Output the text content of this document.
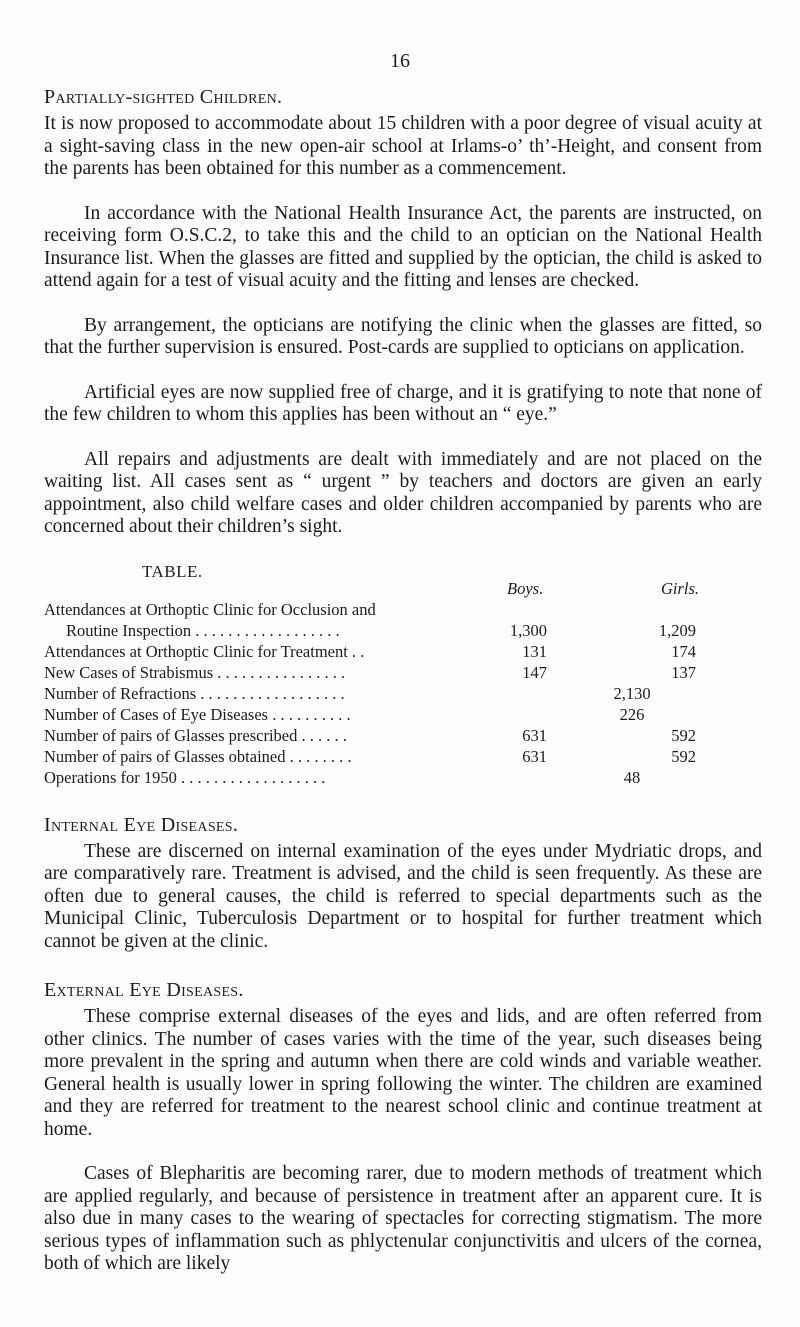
16
Partially-sighted Children.

It is now proposed to accommodate about 15 children with a poor degree of visual acuity at a sight-saving class in the new open-air school at Irlams-o’ th’-Height, and consent from the parents has been obtained for this number as a commencement.

In accordance with the National Health Insurance Act, the parents are instructed, on receiving form O.S.C.2, to take this and the child to an optician on the National Health Insurance list. When the glasses are fitted and supplied by the optician, the child is asked to attend again for a test of visual acuity and the fitting and lenses are checked.

By arrangement, the opticians are notifying the clinic when the glasses are fitted, so that the further supervision is ensured. Post-cards are supplied to opticians on application.

Artificial eyes are now supplied free of charge, and it is gratifying to note that none of the few children to whom this applies has been without an “ eye.”

All repairs and adjustments are dealt with immediately and are not placed on the waiting list. All cases sent as “ urgent ” by teachers and doctors are given an early appointment, also child welfare cases and older children accompanied by parents who are concerned about their children’s sight.

TABLE.
Boys.	Girls.
Attendances at Orthoptic Clinic for Occlusion and
Routine Inspection . . . . . . . . . . . . . . . . . .	1,300	1,209
Attendances at Orthoptic Clinic for Treatment . .	131	174
New Cases of Strabismus . . . . . . . . . . . . . . . .	147	137
Number of Refractions . . . . . . . . . . . . . . . . . .	2,130
Number of Cases of Eye Diseases . . . . . . . . . .	226
Number of pairs of Glasses prescribed . . . . . .	631	592
Number of pairs of Glasses obtained . . . . . . . .	631	592
Operations for 1950 . . . . . . . . . . . . . . . . . .	48
Internal Eye Diseases.

These are discerned on internal examination of the eyes under Mydriatic drops, and are comparatively rare. Treatment is advised, and the child is seen frequently. As these are often due to general causes, the child is referred to special departments such as the Municipal Clinic, Tuberculosis Department or to hospital for further treatment which cannot be given at the clinic.

External Eye Diseases.

These comprise external diseases of the eyes and lids, and are often referred from other clinics. The number of cases varies with the time of the year, such diseases being more prevalent in the spring and autumn when there are cold winds and variable weather. General health is usually lower in spring following the winter. The children are examined and they are referred for treatment to the nearest school clinic and continue treatment at home.

Cases of Blepharitis are becoming rarer, due to modern methods of treatment which are applied regularly, and because of persistence in treatment after an apparent cure. It is also due in many cases to the wearing of spectacles for correcting stigmatism. The more serious types of inflammation such as phlyctenular conjunctivitis and ulcers of the cornea, both of which are likely
